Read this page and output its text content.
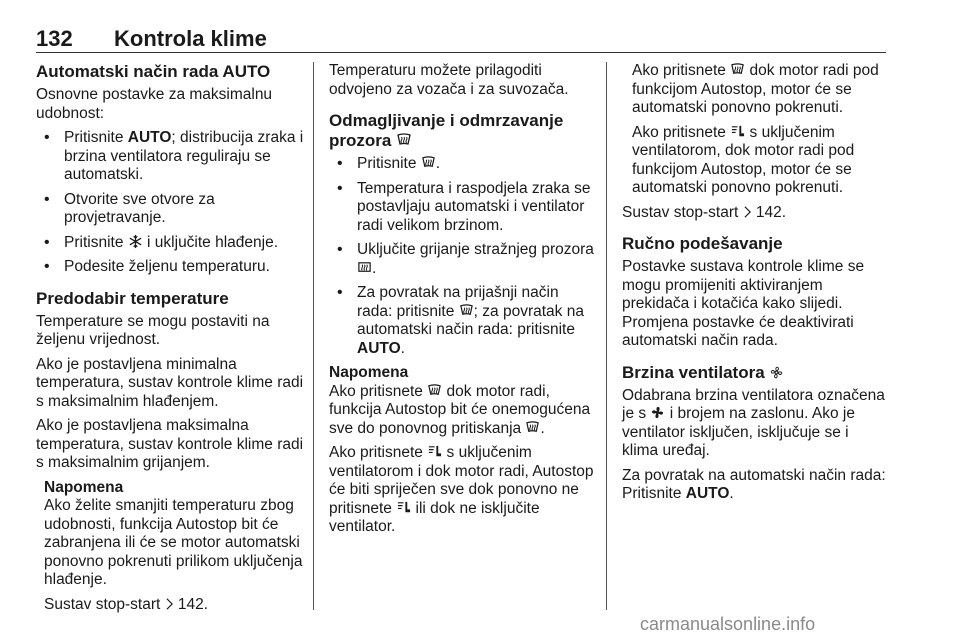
132 Kontrola klime
Automatski način rada AUTO

Osnovne postavke za maksimalnu udobnost:

• Pritisnite AUTO; distribucija zraka i brzina ventilatora reguliraju se automatski.
• Otvorite sve otvore za provjetravanje.
• Pritisnite  i uključite hlađenje.
• Podesite željenu temperaturu.
Predodabir temperature

Temperature se mogu postaviti na željenu vrijednost.

Ako je postavljena minimalna temperatura, sustav kontrole klime radi s maksimalnim hlađenjem.

Ako je postavljena maksimalna temperatura, sustav kontrole klime radi s maksimalnim grijanjem.

Napomena

Ako želite smanjiti temperaturu zbog udobnosti, funkcija Autostop bit će zabranjena ili će se motor automatski ponovno pokrenuti prilikom uključenja hlađenje.

Sustav stop-start  142.

Temperaturu možete prilagoditi odvojeno za vozača i za suvozača.

Odmagljivanje i odmrzavanje prozora
• Pritisnite .
• Temperatura i raspodjela zraka se postavljaju automatski i ventilator radi velikom brzinom.
• Uključite grijanje stražnjeg prozora .
• Za povratak na prijašnji način rada: pritisnite ; za povratak na automatski način rada: pritisnite AUTO.

Napomena

Ako pritisnete  dok motor radi, funkcija Autostop bit će onemogućena sve do ponovnog pritiskanja .

Ako pritisnete  s uključenim ventilatorom i dok motor radi, Autostop će biti spriječen sve dok ponovno ne pritisnete  ili dok ne isključite ventilator.

Ako pritisnete  dok motor radi pod funkcijom Autostop, motor će se automatski ponovno pokrenuti.

Ako pritisnete  s uključenim ventilatorom, dok motor radi pod funkcijom Autostop, motor će se automatski ponovno pokrenuti.

Sustav stop-start  142.

Ručno podešavanje

Postavke sustava kontrole klime se mogu promijeniti aktiviranjem prekidača i kotačića kako slijedi. Promjena postavke će deaktivirati automatski način rada.

Brzina ventilatora

Odabrana brzina ventilatora označena je s  i brojem na zaslonu. Ako je ventilator isključen, isključuje se i klima uređaj.

Za povratak na automatski način rada: Pritisnite AUTO.

carmanualsonline.info
